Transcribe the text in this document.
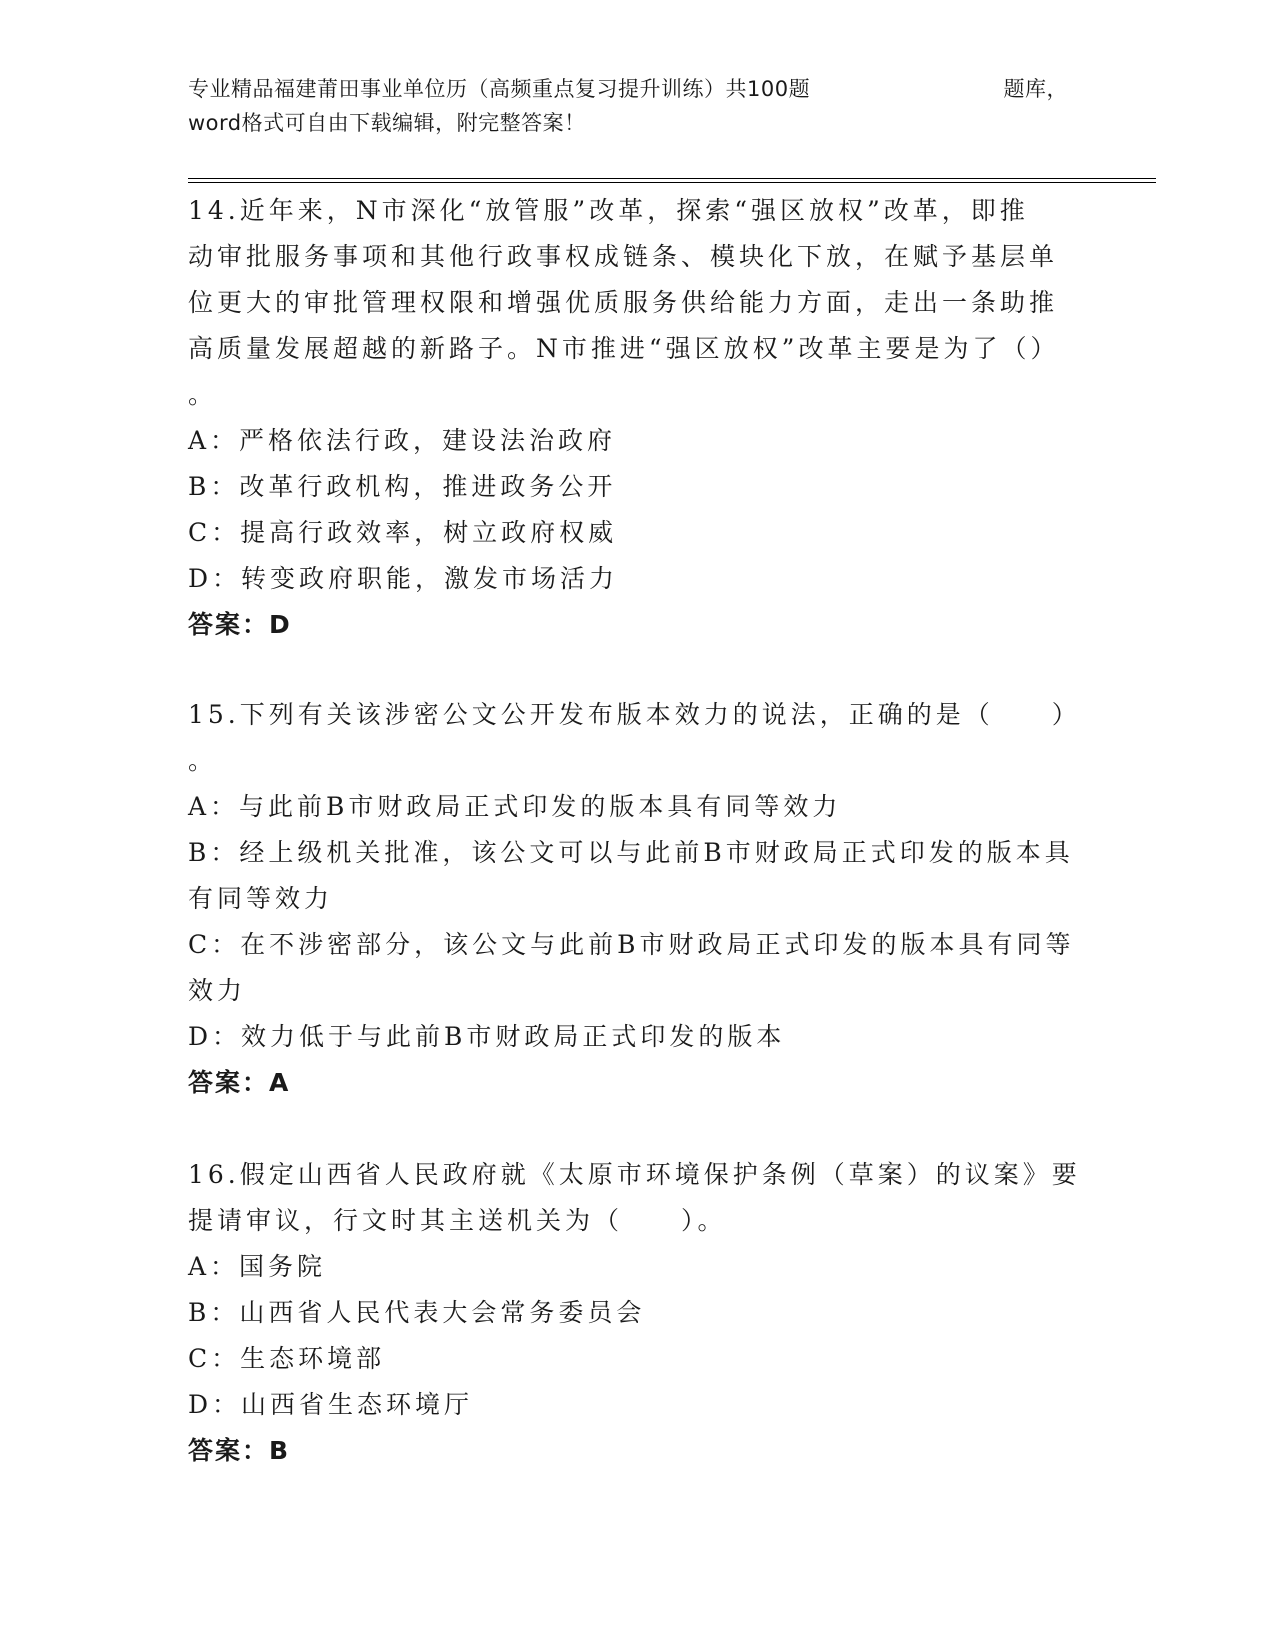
专业精品福建莆田事业单位历（高频重点复习提升训练）共100题	题库，
word格式可自由下载编辑，附完整答案！

14.近年来，N市深化“放管服”改革，探索“强区放权”改革，即推

动审批服务事项和其他行政事权成链条、模块化下放，在赋予基层单

位更大的审批管理权限和增强优质服务供给能力方面，走出一条助推

高质量发展超越的新路子。N市推进“强区放权”改革主要是为了（）

。

A：严格依法行政，建设法治政府

B：改革行政机构，推进政务公开

C：提高行政效率，树立政府权威

D：转变政府职能，激发市场活力

答案：D

15.下列有关该涉密公文公开发布版本效力的说法，正确的是（　　）

。

A：与此前B市财政局正式印发的版本具有同等效力

B：经上级机关批准，该公文可以与此前B市财政局正式印发的版本具

有同等效力

C：在不涉密部分，该公文与此前B市财政局正式印发的版本具有同等

效力

D：效力低于与此前B市财政局正式印发的版本

答案：A

16.假定山西省人民政府就《太原市环境保护条例（草案）的议案》要

提请审议，行文时其主送机关为（　　）。

A：国务院

B：山西省人民代表大会常务委员会

C：生态环境部

D：山西省生态环境厅

答案：B
